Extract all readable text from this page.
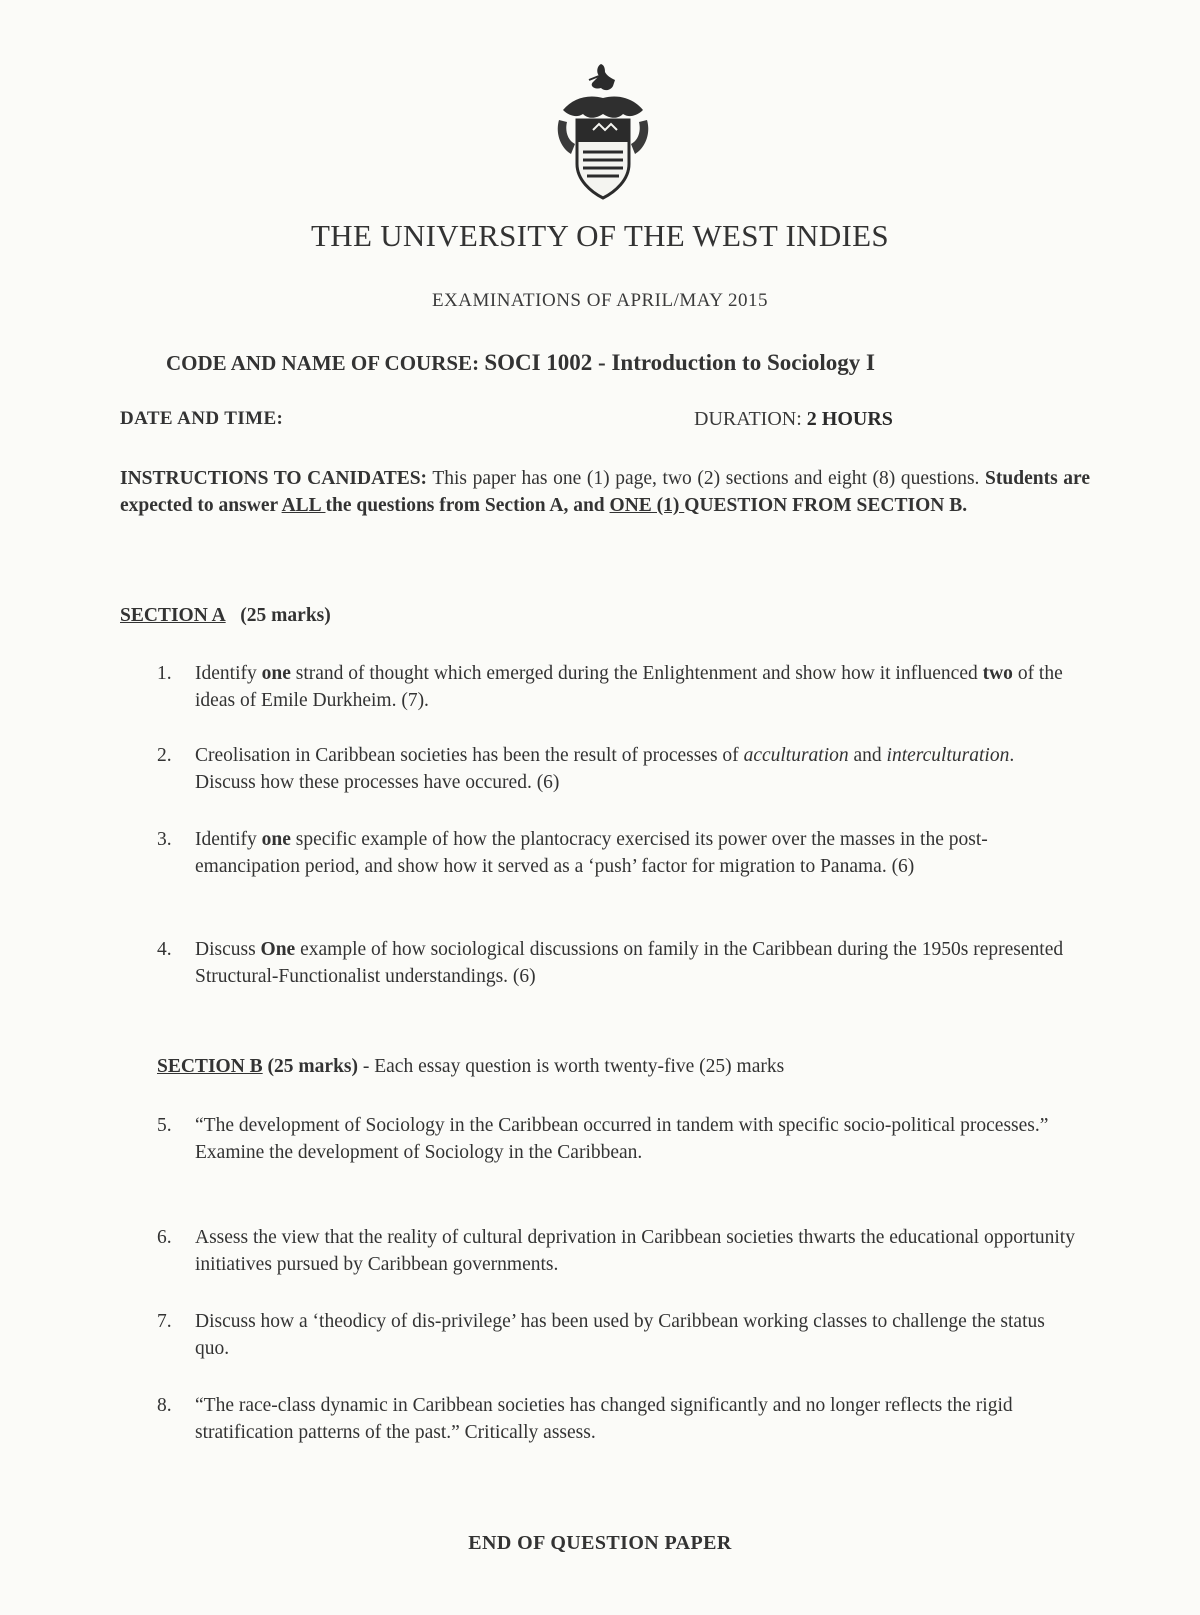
THE UNIVERSITY OF THE WEST INDIES
EXAMINATIONS OF APRIL/MAY 2015
CODE AND NAME OF COURSE: SOCI 1002 - Introduction to Sociology I
DATE AND TIME:	DURATION: 2 HOURS
INSTRUCTIONS TO CANIDATES: This paper has one (1) page, two (2) sections and eight (8) questions. Students are expected to answer ALL the questions from Section A, and ONE (1) QUESTION FROM SECTION B.
SECTION A (25 marks)
1.	Identify one strand of thought which emerged during the Enlightenment and show how it influenced two of the ideas of Emile Durkheim. (7).
2.	Creolisation in Caribbean societies has been the result of processes of acculturation and interculturation. Discuss how these processes have occured. (6)
3.	Identify one specific example of how the plantocracy exercised its power over the masses in the post-emancipation period, and show how it served as a ‘push’ factor for migration to Panama. (6)
4.	Discuss One example of how sociological discussions on family in the Caribbean during the 1950s represented Structural-Functionalist understandings. (6)
SECTION B (25 marks) - Each essay question is worth twenty-five (25) marks
5.	“The development of Sociology in the Caribbean occurred in tandem with specific socio-political processes.” Examine the development of Sociology in the Caribbean.
6.	Assess the view that the reality of cultural deprivation in Caribbean societies thwarts the educational opportunity initiatives pursued by Caribbean governments.
7.	Discuss how a ‘theodicy of dis-privilege’ has been used by Caribbean working classes to challenge the status quo.
8.	“The race-class dynamic in Caribbean societies has changed significantly and no longer reflects the rigid stratification patterns of the past.” Critically assess.
END OF QUESTION PAPER
